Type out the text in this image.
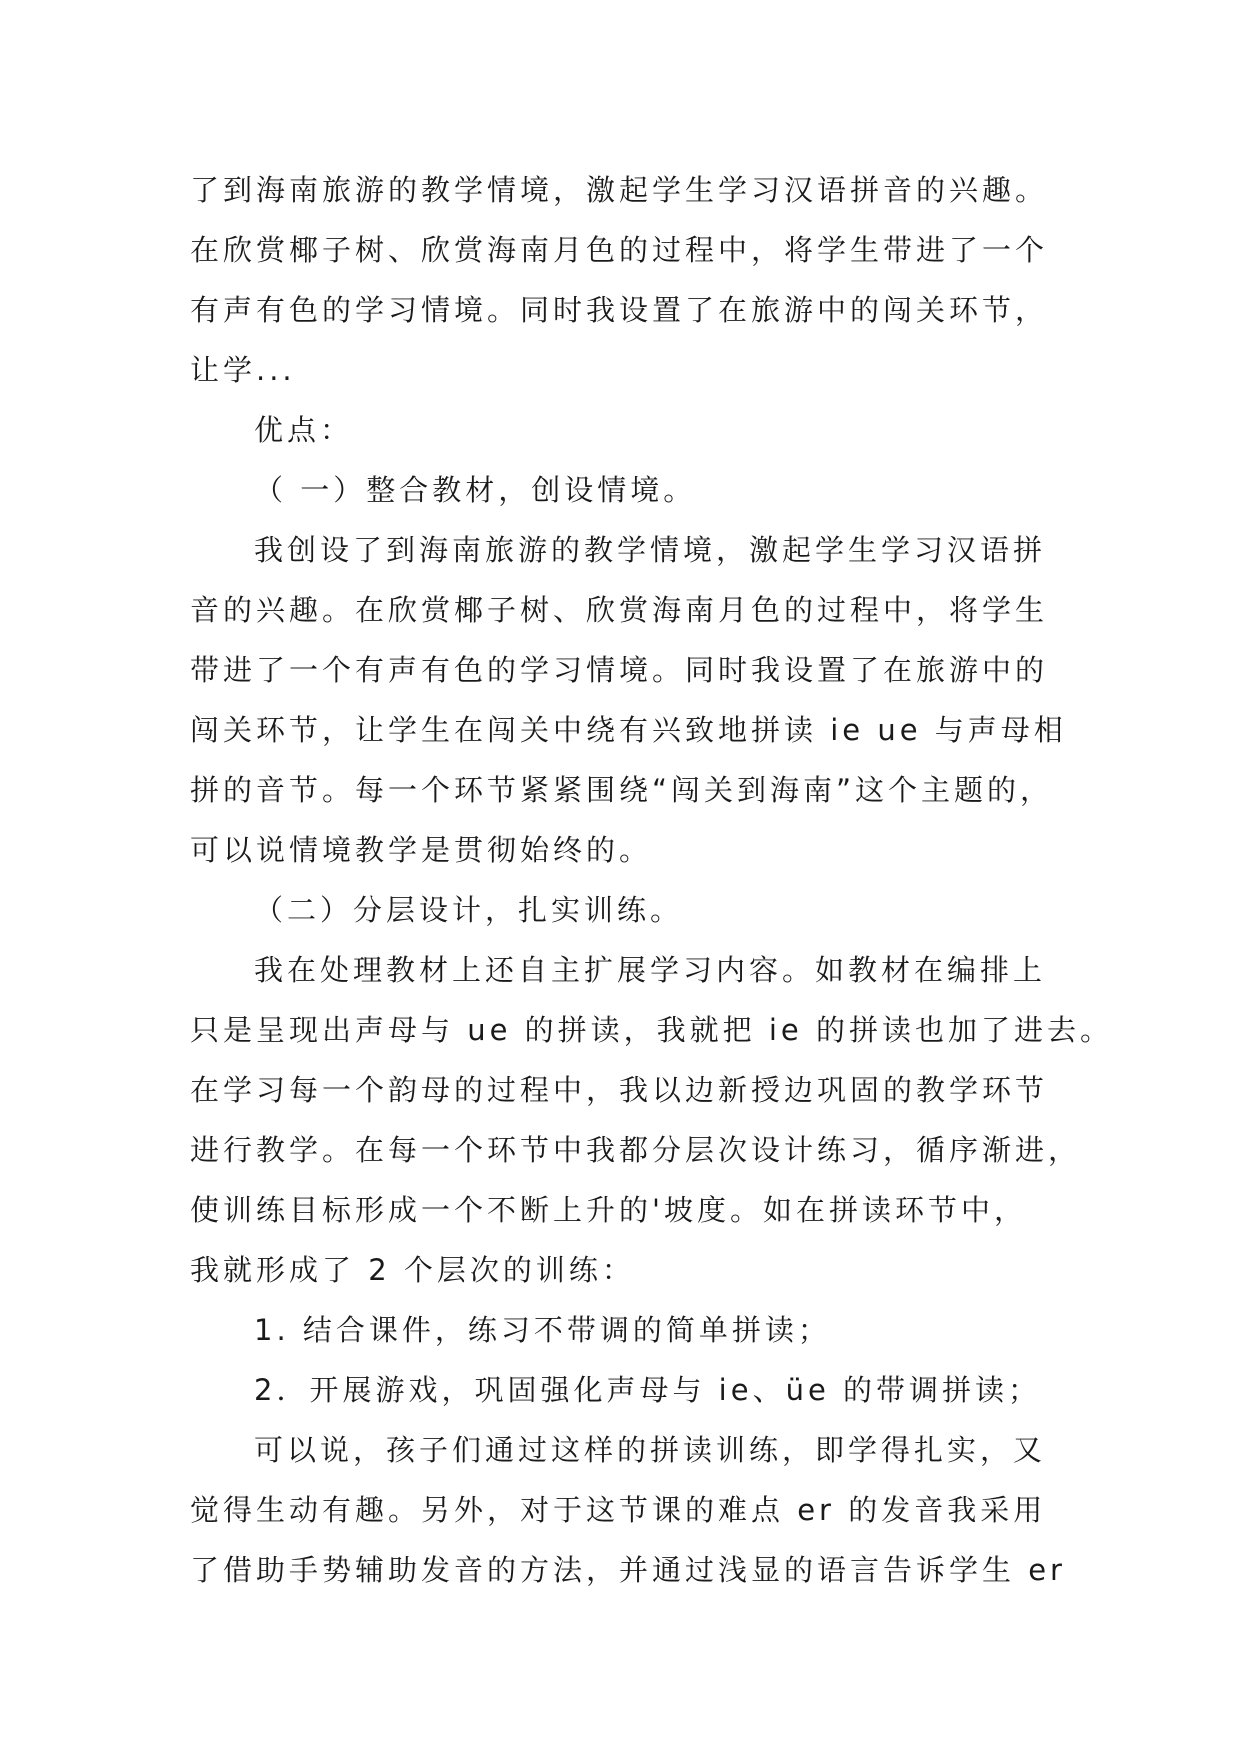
了到海南旅游的教学情境，激起学生学习汉语拼音的兴趣。
在欣赏椰子树、欣赏海南月色的过程中，将学生带进了一个
有声有色的学习情境。同时我设置了在旅游中的闯关环节，
让学...
优点：
（ 一）整合教材，创设情境。
我创设了到海南旅游的教学情境，激起学生学习汉语拼
音的兴趣。在欣赏椰子树、欣赏海南月色的过程中，将学生
带进了一个有声有色的学习情境。同时我设置了在旅游中的
闯关环节，让学生在闯关中绕有兴致地拼读 ie ue 与声母相
拼的音节。每一个环节紧紧围绕“闯关到海南”这个主题的，
可以说情境教学是贯彻始终的。
（二）分层设计，扎实训练。
我在处理教材上还自主扩展学习内容。如教材在编排上
只是呈现出声母与 ue 的拼读，我就把 ie 的拼读也加了进去。
在学习每一个韵母的过程中，我以边新授边巩固的教学环节
进行教学。在每一个环节中我都分层次设计练习，循序渐进，
使训练目标形成一个不断上升的'坡度。如在拼读环节中，
我就形成了 2 个层次的训练：
1. 结合课件，练习不带调的简单拼读；
2．开展游戏，巩固强化声母与 ie、üe 的带调拼读；
可以说，孩子们通过这样的拼读训练，即学得扎实，又
觉得生动有趣。另外，对于这节课的难点 er 的发音我采用
了借助手势辅助发音的方法，并通过浅显的语言告诉学生 er
